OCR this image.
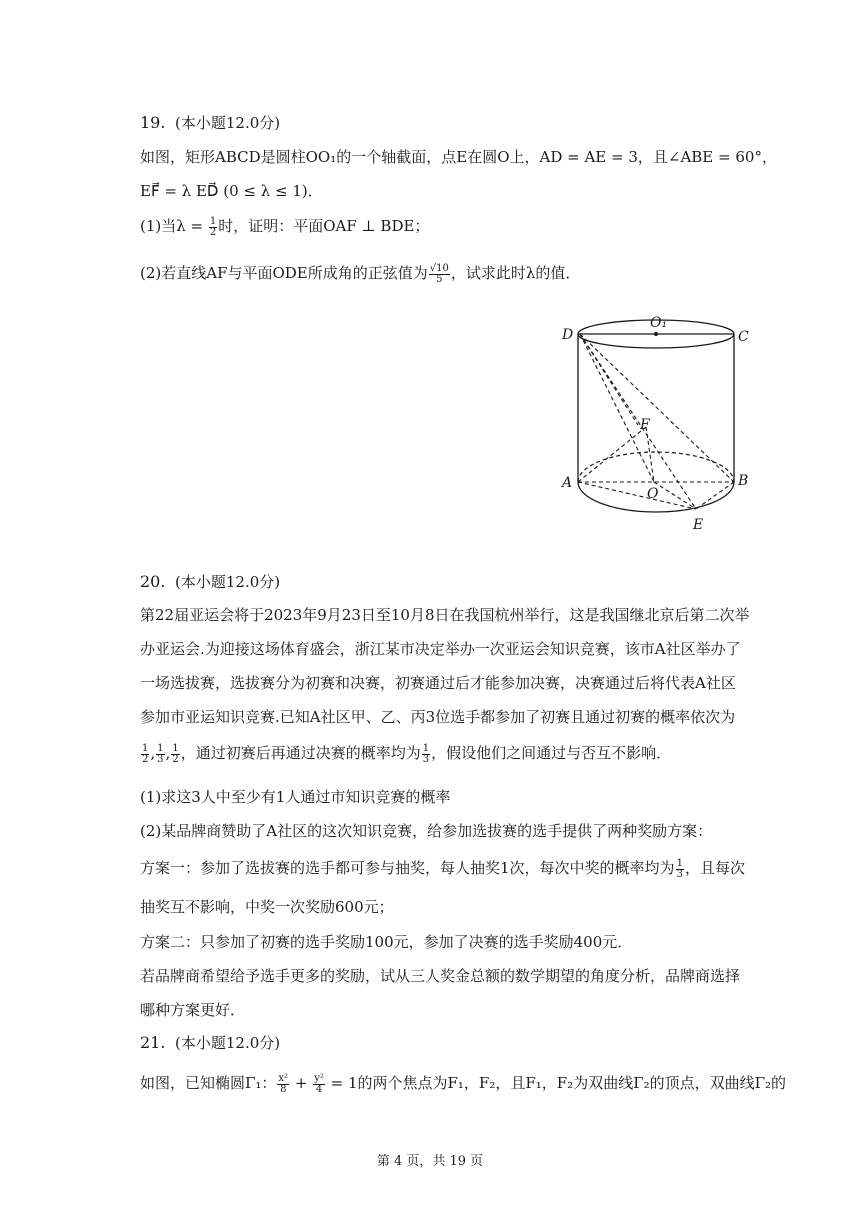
19. (本小题12.0分)
如图，矩形ABCD是圆柱OO₁的一个轴截面，点E在圆O上，AD = AE = 3，且∠ABE = 60°，
EF⃗ = λ ED⃗ (0 ≤ λ ≤ 1)．
(1)当$\lambda = \frac{1}{2}$ 时，证明：平面OAF ⊥ BDE；
(2)若直线AF与平面ODE所成角的正弦值为 $\frac{√10}{5}$ ，试求此时λ的值．
D
O₁
C
F
A
O
B
E
20. (本小题12.0分)
第22届亚运会将于2023年9月23日至10月8日在我国杭州举行，这是我国继北京后第二次举
办亚运会.为迎接这场体育盛会，浙江某市决定举办一次亚运会知识竞赛，该市A社区举办了
一场选拔赛，选拔赛分为初赛和决赛，初赛通过后才能参加决赛，决赛通过后将代表A社区
参加市亚运知识竞赛.已知A社区甲、乙、丙3位选手都参加了初赛且通过初赛的概率依次为
$\frac{1}{2}$ , $\frac{1}{3}$ , $\frac{1}{2}$ ，通过初赛后再通过决赛的概率均为 $\frac{1}{3}$ ，假设他们之间通过与否互不影响．
(1)求这3人中至少有1人通过市知识竞赛的概率
(2)某品牌商赞助了A社区的这次知识竞赛，给参加选拔赛的选手提供了两种奖励方案：
方案一：参加了选拔赛的选手都可参与抽奖，每人抽奖1次，每次中奖的概率均为 $\frac{1}{3}$ ，且每次
抽奖互不影响，中奖一次奖励600元；
方案二：只参加了初赛的选手奖励100元，参加了决赛的选手奖励400元．
若品牌商希望给予选手更多的奖励，试从三人奖金总额的数学期望的角度分析，品牌商选择
哪种方案更好．
21. (本小题12.0分)
如图，已知椭圆Γ₁： $\frac{\text{x²}}{8} + \frac{\text{y²}}{4} = 1$的两个焦点为F₁，F₂，且F₁，F₂为双曲线Γ₂的顶点，双曲线Γ₂的
第 4 页，共 19 页
